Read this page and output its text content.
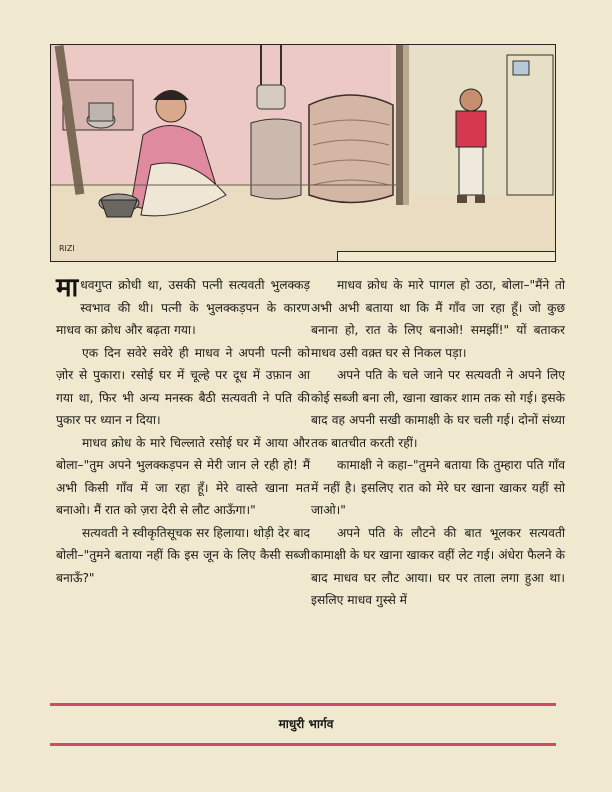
RIZI

माधवगुप्त क्रोधी था, उसकी पत्नी सत्यवती भुलक्कड़ स्वभाव की थी। पत्नी के भुलक्कड़पन के कारण माधव का क्रोध और बढ़ता गया।

एक दिन सवेरे सवेरे ही माधव ने अपनी पत्नी को ज़ोर से पुकारा। रसोई घर में चूल्हे पर दूध में उफ़ान आ गया था, फिर भी अन्य मनस्क बैठी सत्यवती ने पति की पुकार पर ध्यान न दिया।

माधव क्रोध के मारे चिल्लाते रसोई घर में आया और बोला–"तुम अपने भुलक्कड़पन से मेरी जान ले रही हो! मैं अभी किसी गाँव में जा रहा हूँ। मेरे वास्ते खाना मत बनाओ। मैं रात को ज़रा देरी से लौट आऊँगा।"

सत्यवती ने स्वीकृतिसूचक सर हिलाया। थोड़ी देर बाद बोली–"तुमने बताया नहीं कि इस जून के लिए कैसी सब्जी बनाऊँ?"

माधव क्रोध के मारे पागल हो उठा, बोला–"मैंने तो अभी अभी बताया था कि मैं गाँव जा रहा हूँ। जो कुछ बनाना हो, रात के लिए बनाओ! समझीं!" यों बताकर माधव उसी वक़्त घर से निकल पड़ा।

अपने पति के चले जाने पर सत्यवती ने अपने लिए कोई सब्जी बना ली, खाना खाकर शाम तक सो गई। इसके बाद वह अपनी सखी कामाक्षी के घर चली गई। दोनों संध्या तक बातचीत करती रहीं।

कामाक्षी ने कहा–"तुमने बताया कि तुम्हारा पति गाँव में नहीं है। इसलिए रात को मेरे घर खाना खाकर यहीं सो जाओ।"

अपने पति के लौटने की बात भूलकर सत्यवती कामाक्षी के घर खाना खाकर वहीं लेट गई। अंधेरा फैलने के बाद माधव घर लौट आया। घर पर ताला लगा हुआ था। इसलिए माधव गुस्से में

माधुरी भार्गव
